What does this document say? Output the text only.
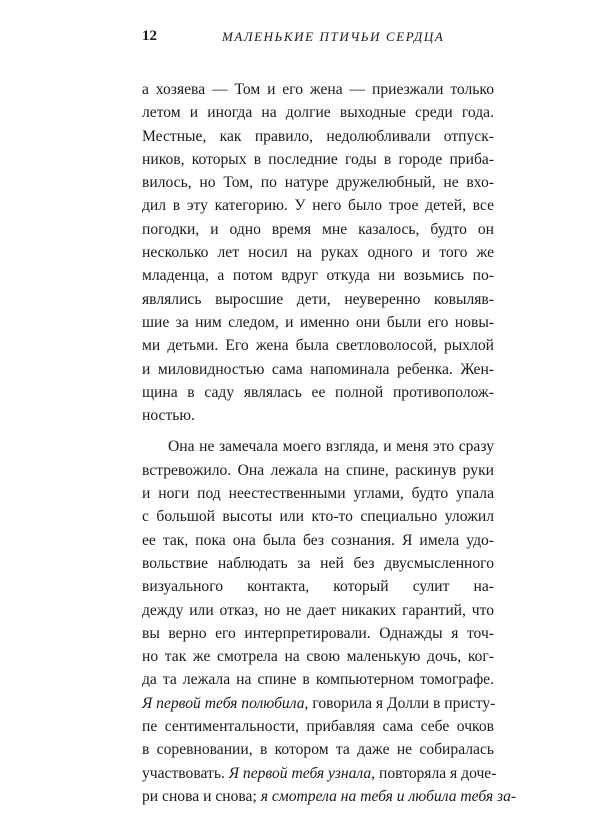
12	МАЛЕНЬКИЕ ПТИЧЬИ СЕРДЦА
а хозяева — Том и его жена — приезжали только
летом и иногда на долгие выходные среди года.
Местные, как правило, недолюбливали отпуск-
ников, которых в последние годы в городе приба-
вилось, но Том, по натуре дружелюбный, не вхо-
дил в эту категорию. У него было трое детей, все
погодки, и одно время мне казалось, будто он
несколько лет носил на руках одного и того же
младенца, а потом вдруг откуда ни возьмись по-
являлись выросшие дети, неуверенно ковыляв-
шие за ним следом, и именно они были его новы-
ми детьми. Его жена была светловолосой, рыхлой
и миловидностью сама напоминала ребенка. Жен-
щина в саду являлась ее полной противополож-
ностью.
Она не замечала моего взгляда, и меня это сразу
встревожило. Она лежала на спине, раскинув руки
и ноги под неестественными углами, будто упала
с большой высоты или кто-то специально уложил
ее так, пока она была без сознания. Я имела удо-
вольствие наблюдать за ней без двусмысленного
визуального контакта, который сулит на-
дежду или отказ, но не дает никаких гарантий, что
вы верно его интерпретировали. Однажды я точ-
но так же смотрела на свою маленькую дочь, ког-
да та лежала на спине в компьютерном томографе.
Я первой тебя полюбила, говорила я Долли в присту-
пе сентиментальности, прибавляя сама себе очков
в соревновании, в котором та даже не собиралась
участвовать. Я первой тебя узнала, повторяла я доче-
ри снова и снова; я смотрела на тебя и любила тебя за-
